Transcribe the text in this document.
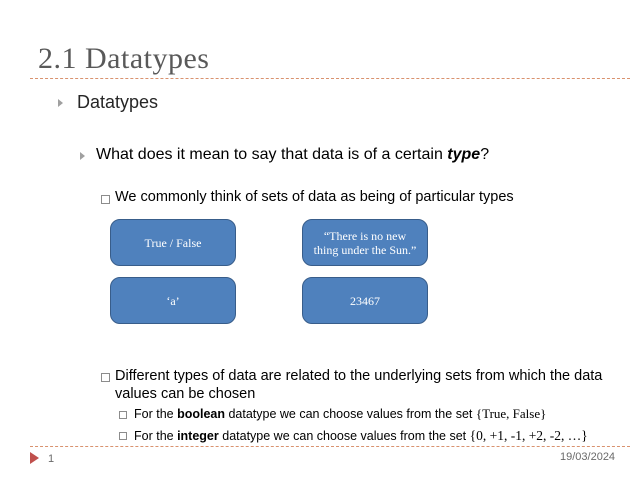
2.1 Datatypes
Datatypes
What does it mean to say that data is of a certain type?
We commonly think of sets of data as being of particular types
True / False	“There is no new thing under the Sun.”
‘a’	23467
Different types of data are related to the underlying sets from which the data values can be chosen
For the boolean datatype we can choose values from the set {True, False}
For the integer datatype we can choose values from the set {0, +1, -1, +2, -2, …}
1	19/03/2024
